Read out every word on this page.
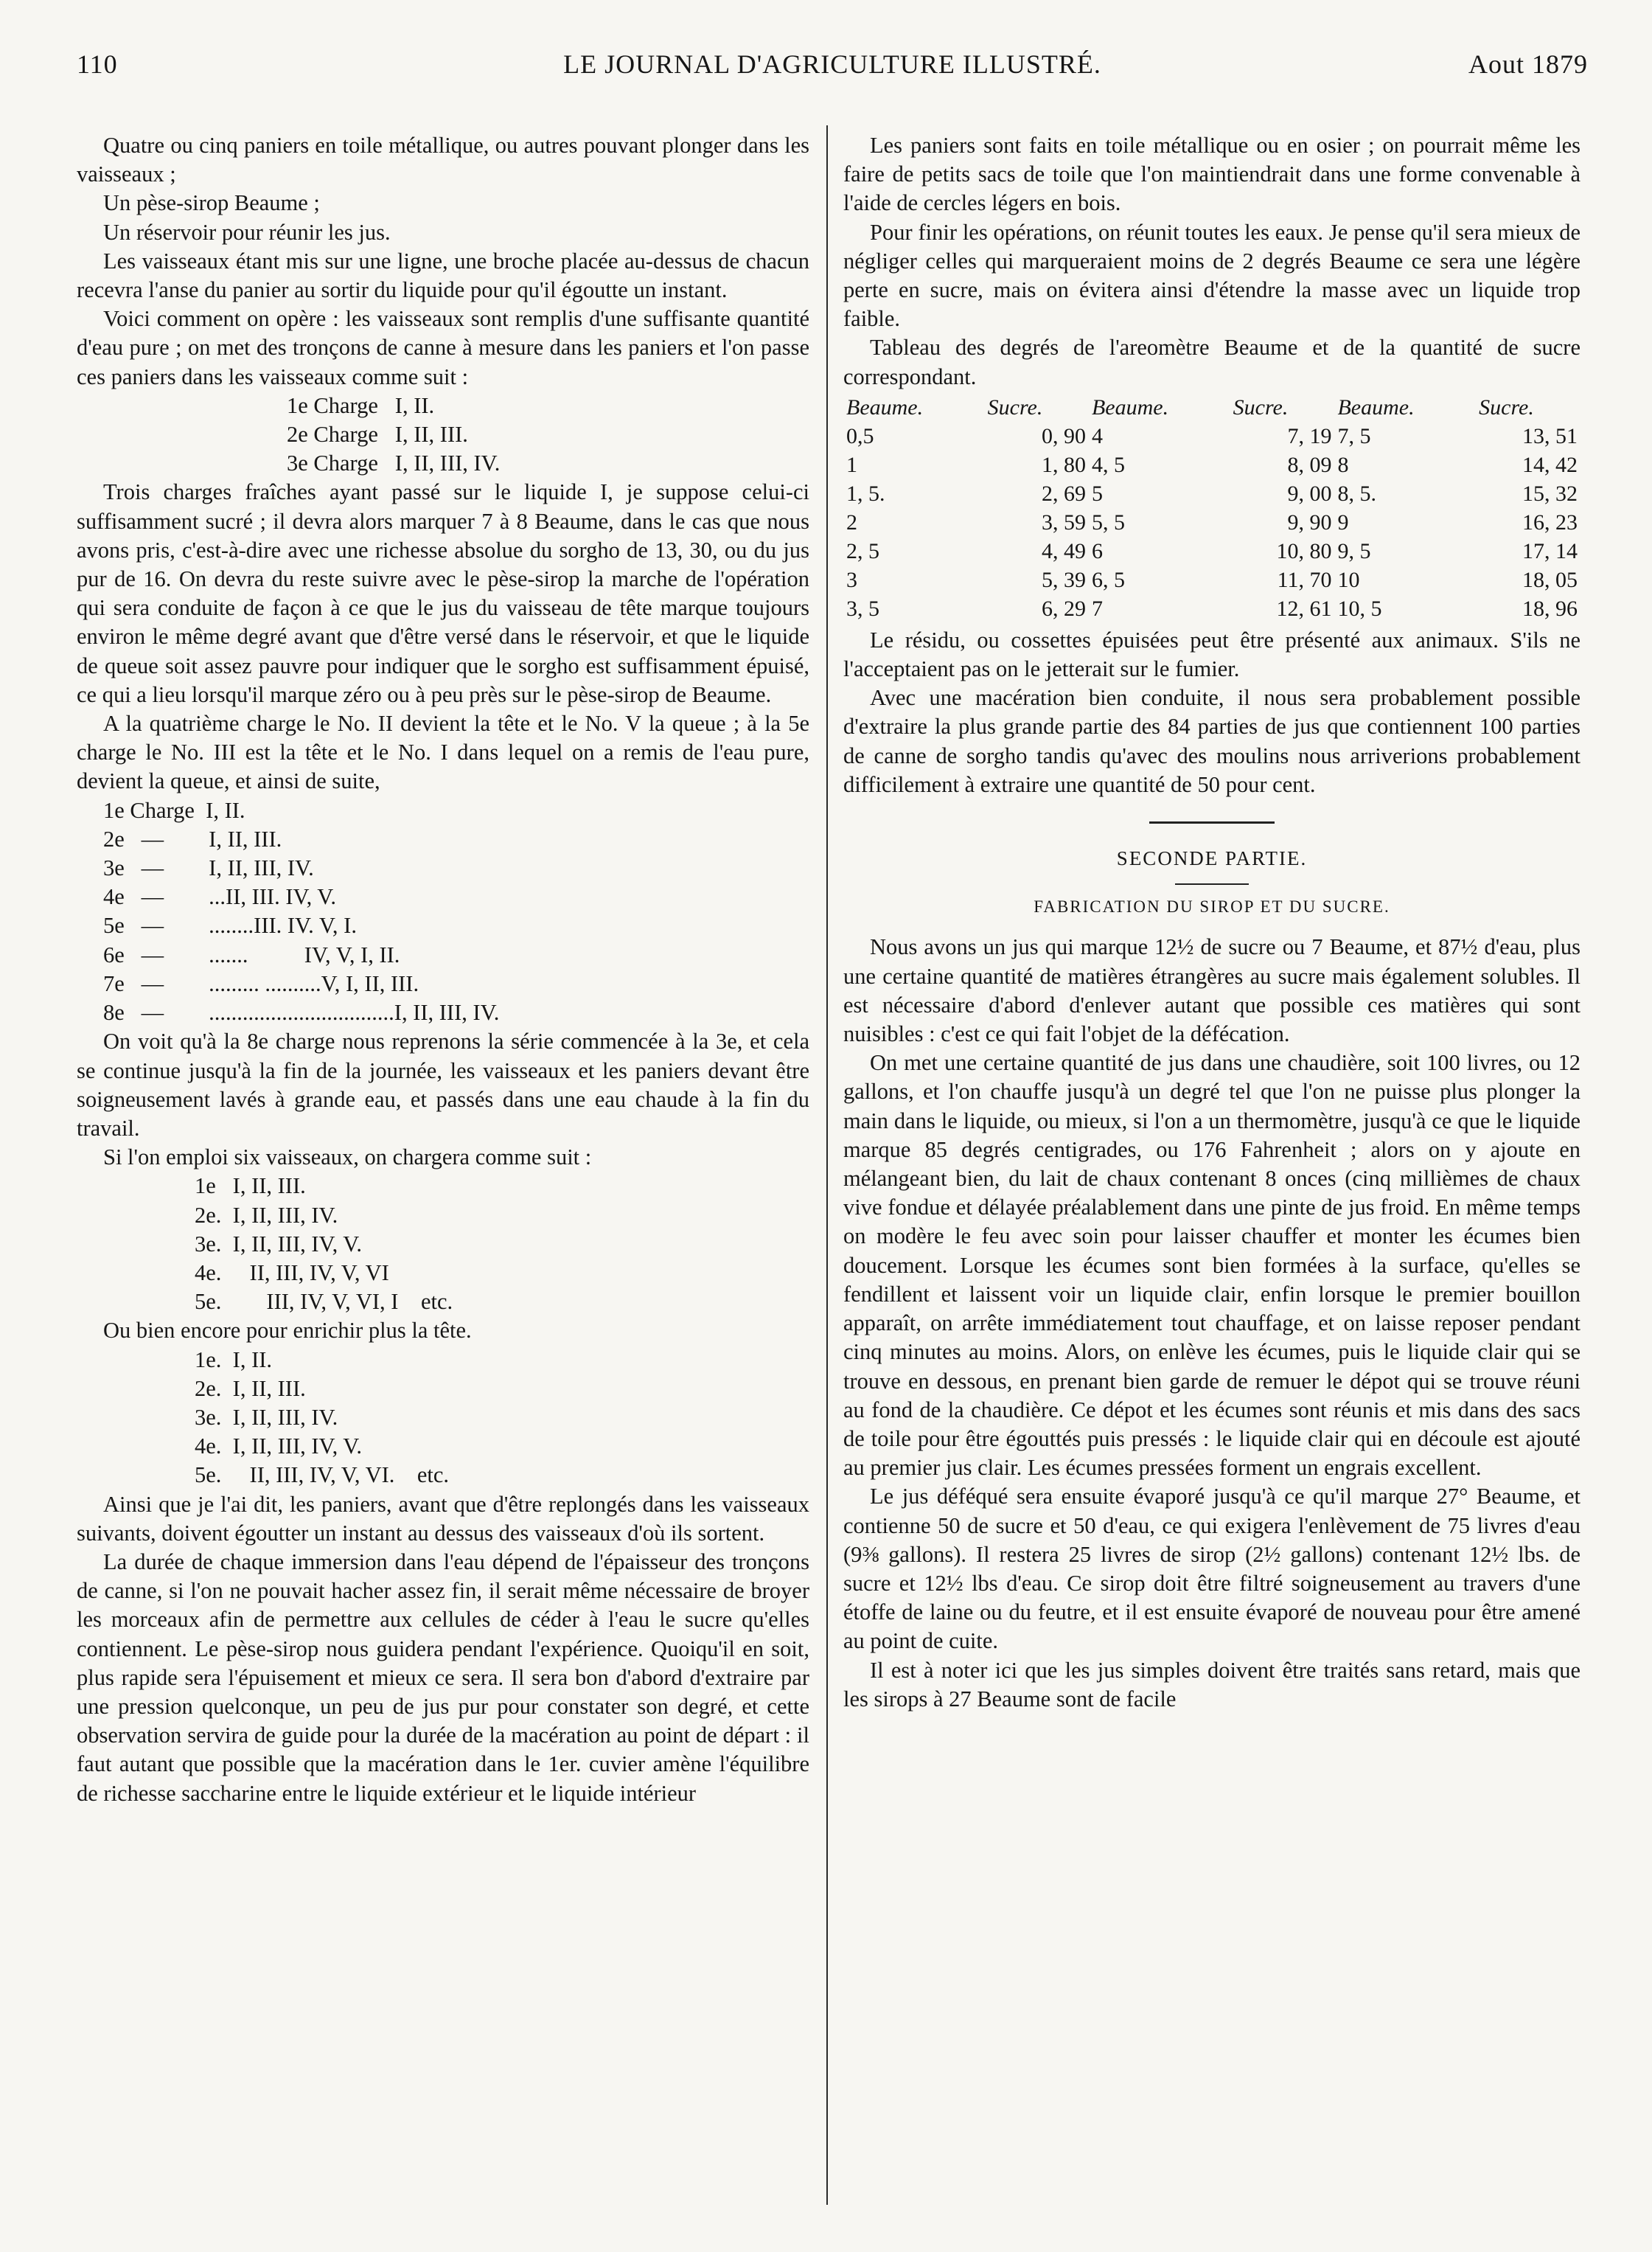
110	LE JOURNAL D'AGRICULTURE ILLUSTRÉ.	Aout 1879

Quatre ou cinq paniers en toile métallique, ou autres pouvant plonger dans les vaisseaux ;

Un pèse-sirop Beaume ;

Un réservoir pour réunir les jus.

Les vaisseaux étant mis sur une ligne, une broche placée au-dessus de chacun recevra l'anse du panier au sortir du liquide pour qu'il égoutte un instant.

Voici comment on opère : les vaisseaux sont remplis d'une suffisante quantité d'eau pure ; on met des tronçons de canne à mesure dans les paniers et l'on passe ces paniers dans les vaisseaux comme suit :

1e Charge   I, II.
2e Charge   I, II, III.
3e Charge   I, II, III, IV.

Trois charges fraîches ayant passé sur le liquide I, je suppose celui-ci suffisamment sucré ; il devra alors marquer 7 à 8 Beaume, dans le cas que nous avons pris, c'est-à-dire avec une richesse absolue du sorgho de 13, 30, ou du jus pur de 16. On devra du reste suivre avec le pèse-sirop la marche de l'opération qui sera conduite de façon à ce que le jus du vaisseau de tête marque toujours environ le même degré avant que d'être versé dans le réservoir, et que le liquide de queue soit assez pauvre pour indiquer que le sorgho est suffisamment épuisé, ce qui a lieu lorsqu'il marque zéro ou à peu près sur le pèse-sirop de Beaume.

A la quatrième charge le No. II devient la tête et le No. V la queue ; à la 5e charge le No. III est la tête et le No. I dans lequel on a remis de l'eau pure, devient la queue, et ainsi de suite,

1e Charge  I, II.
2e   —        I, II, III.
3e   —        I, II, III, IV.
4e   —        ...II, III. IV, V.
5e   —        ........III. IV. V, I.
6e   —        .......          IV, V, I, II.
7e   —        ......... ..........V, I, II, III.
8e   —        .................................I, II, III, IV.

On voit qu'à la 8e charge nous reprenons la série commencée à la 3e, et cela se continue jusqu'à la fin de la journée, les vaisseaux et les paniers devant être soigneusement lavés à grande eau, et passés dans une eau chaude à la fin du travail.

Si l'on emploi six vaisseaux, on chargera comme suit :

1e   I, II, III.
2e.  I, II, III, IV.
3e.  I, II, III, IV, V.
4e.     II, III, IV, V, VI
5e.        III, IV, V, VI, I    etc.

Ou bien encore pour enrichir plus la tête.

1e.  I, II.
2e.  I, II, III.
3e.  I, II, III, IV.
4e.  I, II, III, IV, V.
5e.     II, III, IV, V, VI.    etc.

Ainsi que je l'ai dit, les paniers, avant que d'être replongés dans les vaisseaux suivants, doivent égoutter un instant au dessus des vaisseaux d'où ils sortent.

La durée de chaque immersion dans l'eau dépend de l'épaisseur des tronçons de canne, si l'on ne pouvait hacher assez fin, il serait même nécessaire de broyer les morceaux afin de permettre aux cellules de céder à l'eau le sucre qu'elles contiennent. Le pèse-sirop nous guidera pendant l'expérience. Quoiqu'il en soit, plus rapide sera l'épuisement et mieux ce sera. Il sera bon d'abord d'extraire par une pression quelconque, un peu de jus pur pour constater son degré, et cette observation servira de guide pour la durée de la macération au point de départ : il faut autant que possible que la macération dans le 1er. cuvier amène l'équilibre de richesse saccharine entre le liquide extérieur et le liquide intérieur

Les paniers sont faits en toile métallique ou en osier ; on pourrait même les faire de petits sacs de toile que l'on maintiendrait dans une forme convenable à l'aide de cercles légers en bois.

Pour finir les opérations, on réunit toutes les eaux. Je pense qu'il sera mieux de négliger celles qui marqueraient moins de 2 degrés Beaume ce sera une légère perte en sucre, mais on évitera ainsi d'étendre la masse avec un liquide trop faible.

Tableau des degrés de l'areomètre Beaume et de la quantité de sucre correspondant.

Beaume.	Sucre.	Beaume.	Sucre.	Beaume.	Sucre.
0,5	0, 90	4	7, 19	7, 5	13, 51
1	1, 80	4, 5	8, 09	8	14, 42
1, 5.	2, 69	5	9, 00	8, 5.	15, 32
2	3, 59	5, 5	9, 90	9	16, 23
2, 5	4, 49	6	10, 80	9, 5	17, 14
3	5, 39	6, 5	11, 70	10	18, 05
3, 5	6, 29	7	12, 61	10, 5	18, 96

Le résidu, ou cossettes épuisées peut être présenté aux animaux. S'ils ne l'acceptaient pas on le jetterait sur le fumier.

Avec une macération bien conduite, il nous sera probablement possible d'extraire la plus grande partie des 84 parties de jus que contiennent 100 parties de canne de sorgho tandis qu'avec des moulins nous arriverions probablement difficilement à extraire une quantité de 50 pour cent.

SECONDE PARTIE.
FABRICATION DU SIROP ET DU SUCRE.

Nous avons un jus qui marque 12½ de sucre ou 7 Beaume, et 87½ d'eau, plus une certaine quantité de matières étrangères au sucre mais également solubles. Il est nécessaire d'abord d'enlever autant que possible ces matières qui sont nuisibles : c'est ce qui fait l'objet de la défécation.

On met une certaine quantité de jus dans une chaudière, soit 100 livres, ou 12 gallons, et l'on chauffe jusqu'à un degré tel que l'on ne puisse plus plonger la main dans le liquide, ou mieux, si l'on a un thermomètre, jusqu'à ce que le liquide marque 85 degrés centigrades, ou 176 Fahrenheit ; alors on y ajoute en mélangeant bien, du lait de chaux contenant 8 onces (cinq millièmes de chaux vive fondue et délayée préalablement dans une pinte de jus froid. En même temps on modère le feu avec soin pour laisser chauffer et monter les écumes bien doucement. Lorsque les écumes sont bien formées à la surface, qu'elles se fendillent et laissent voir un liquide clair, enfin lorsque le premier bouillon apparaît, on arrête immédiatement tout chauffage, et on laisse reposer pendant cinq minutes au moins. Alors, on enlève les écumes, puis le liquide clair qui se trouve en dessous, en prenant bien garde de remuer le dépot qui se trouve réuni au fond de la chaudière. Ce dépot et les écumes sont réunis et mis dans des sacs de toile pour être égouttés puis pressés : le liquide clair qui en découle est ajouté au premier jus clair. Les écumes pressées forment un engrais excellent.

Le jus déféqué sera ensuite évaporé jusqu'à ce qu'il marque 27° Beaume, et contienne 50 de sucre et 50 d'eau, ce qui exigera l'enlèvement de 75 livres d'eau (9⅜ gallons). Il restera 25 livres de sirop (2½ gallons) contenant 12½ lbs. de sucre et 12½ lbs d'eau. Ce sirop doit être filtré soigneusement au travers d'une étoffe de laine ou du feutre, et il est ensuite évaporé de nouveau pour être amené au point de cuite.

Il est à noter ici que les jus simples doivent être traités sans retard, mais que les sirops à 27 Beaume sont de facile
